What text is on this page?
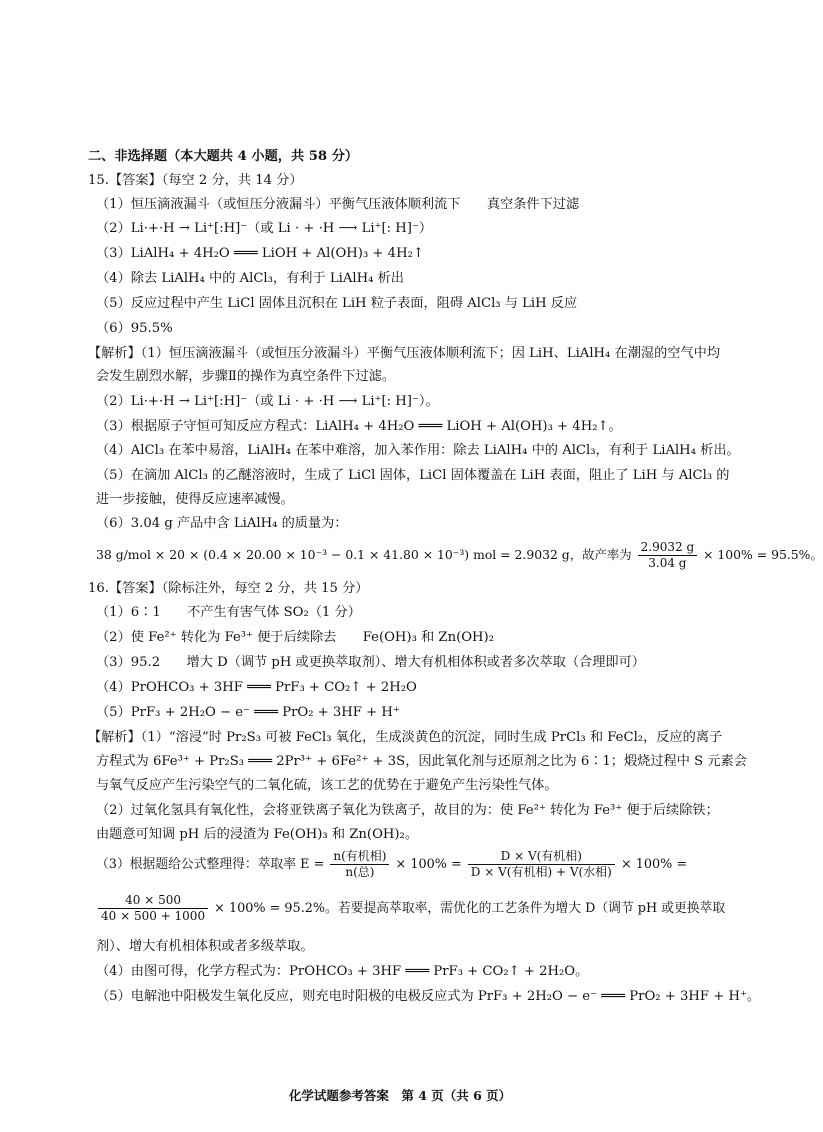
二、非选择题（本大题共 4 小题，共 58 分）
15.【答案】（每空 2 分，共 14 分）
（1）恒压滴液漏斗（或恒压分液漏斗）平衡气压液体顺利流下　　真空条件下过滤
（2）Li·+·H → Li⁺[:H]⁻（或 Li · + ·H ⟶ Li⁺[: H]⁻）
（3）LiAlH₄ + 4H₂O ═══ LiOH + Al(OH)₃ + 4H₂↑
（4）除去 LiAlH₄ 中的 AlCl₃，有利于 LiAlH₄ 析出
（5）反应过程中产生 LiCl 固体且沉积在 LiH 粒子表面，阻碍 AlCl₃ 与 LiH 反应
（6）95.5%
【解析】（1）恒压滴液漏斗（或恒压分液漏斗）平衡气压液体顺利流下；因 LiH、LiAlH₄ 在潮湿的空气中均
会发生剧烈水解，步骤Ⅱ的操作为真空条件下过滤。
（2）Li·+·H → Li⁺[:H]⁻（或 Li · + ·H ⟶ Li⁺[: H]⁻）。
（3）根据原子守恒可知反应方程式：LiAlH₄ + 4H₂O ═══ LiOH + Al(OH)₃ + 4H₂↑。
（4）AlCl₃ 在苯中易溶，LiAlH₄ 在苯中难溶，加入苯作用：除去 LiAlH₄ 中的 AlCl₃，有利于 LiAlH₄ 析出。
（5）在滴加 AlCl₃ 的乙醚溶液时，生成了 LiCl 固体，LiCl 固体覆盖在 LiH 表面，阻止了 LiH 与 AlCl₃ 的
进一步接触，使得反应速率减慢。
（6）3.04 g 产品中含 LiAlH₄ 的质量为：
38 g/mol × 20 × (0.4 × 20.00 × 10⁻³ − 0.1 × 41.80 × 10⁻³) mol = 2.9032 g，故产率为 $\frac{2.9032 g}{3.04 g} \times 100\% = 95.5\%$。
16.【答案】（除标注外，每空 2 分，共 15 分）
（1）6∶1　　不产生有害气体 SO₂（1 分）
（2）使 Fe²⁺ 转化为 Fe³⁺ 便于后续除去　　Fe(OH)₃ 和 Zn(OH)₂
（3）95.2　　增大 D（调节 pH 或更换萃取剂）、增大有机相体积或者多次萃取（合理即可）
（4）PrOHCO₃ + 3HF ═══ PrF₃ + CO₂↑ + 2H₂O
（5）PrF₃ + 2H₂O − e⁻ ═══ PrO₂ + 3HF + H⁺
【解析】（1）“溶浸”时 Pr₂S₃ 可被 FeCl₃ 氧化，生成淡黄色的沉淀，同时生成 PrCl₃ 和 FeCl₂，反应的离子
方程式为 6Fe³⁺ + Pr₂S₃ ═══ 2Pr³⁺ + 6Fe²⁺ + 3S，因此氧化剂与还原剂之比为 6∶1；煅烧过程中 S 元素会
与氧气反应产生污染空气的二氧化硫，该工艺的优势在于避免产生污染性气体。
（2）过氧化氢具有氧化性，会将亚铁离子氧化为铁离子，故目的为：使 Fe²⁺ 转化为 Fe³⁺ 便于后续除铁；
由题意可知调 pH 后的浸渣为 Fe(OH)₃ 和 Zn(OH)₂。
（3）根据题给公式整理得：萃取率 $E = \frac{\text{n(有机相)}}{\text{n(总)}} \times 100\% = \frac{\text{D × V(有机相)}}{\text{D × V(有机相) + V(水相)}} \times 100\%$ =
$\frac{40 \times 500}{40 \times 500 + 1000} \times 100\% = 95.2\%$。若要提高萃取率，需优化的工艺条件为增大 D（调节 pH 或更换萃取
剂）、增大有机相体积或者多级萃取。
（4）由图可得，化学方程式为：PrOHCO₃ + 3HF ═══ PrF₃ + CO₂↑ + 2H₂O。
（5）电解池中阳极发生氧化反应，则充电时阳极的电极反应式为 PrF₃ + 2H₂O − e⁻ ═══ PrO₂ + 3HF + H⁺。
化学试题参考答案　第 4 页（共 6 页）
